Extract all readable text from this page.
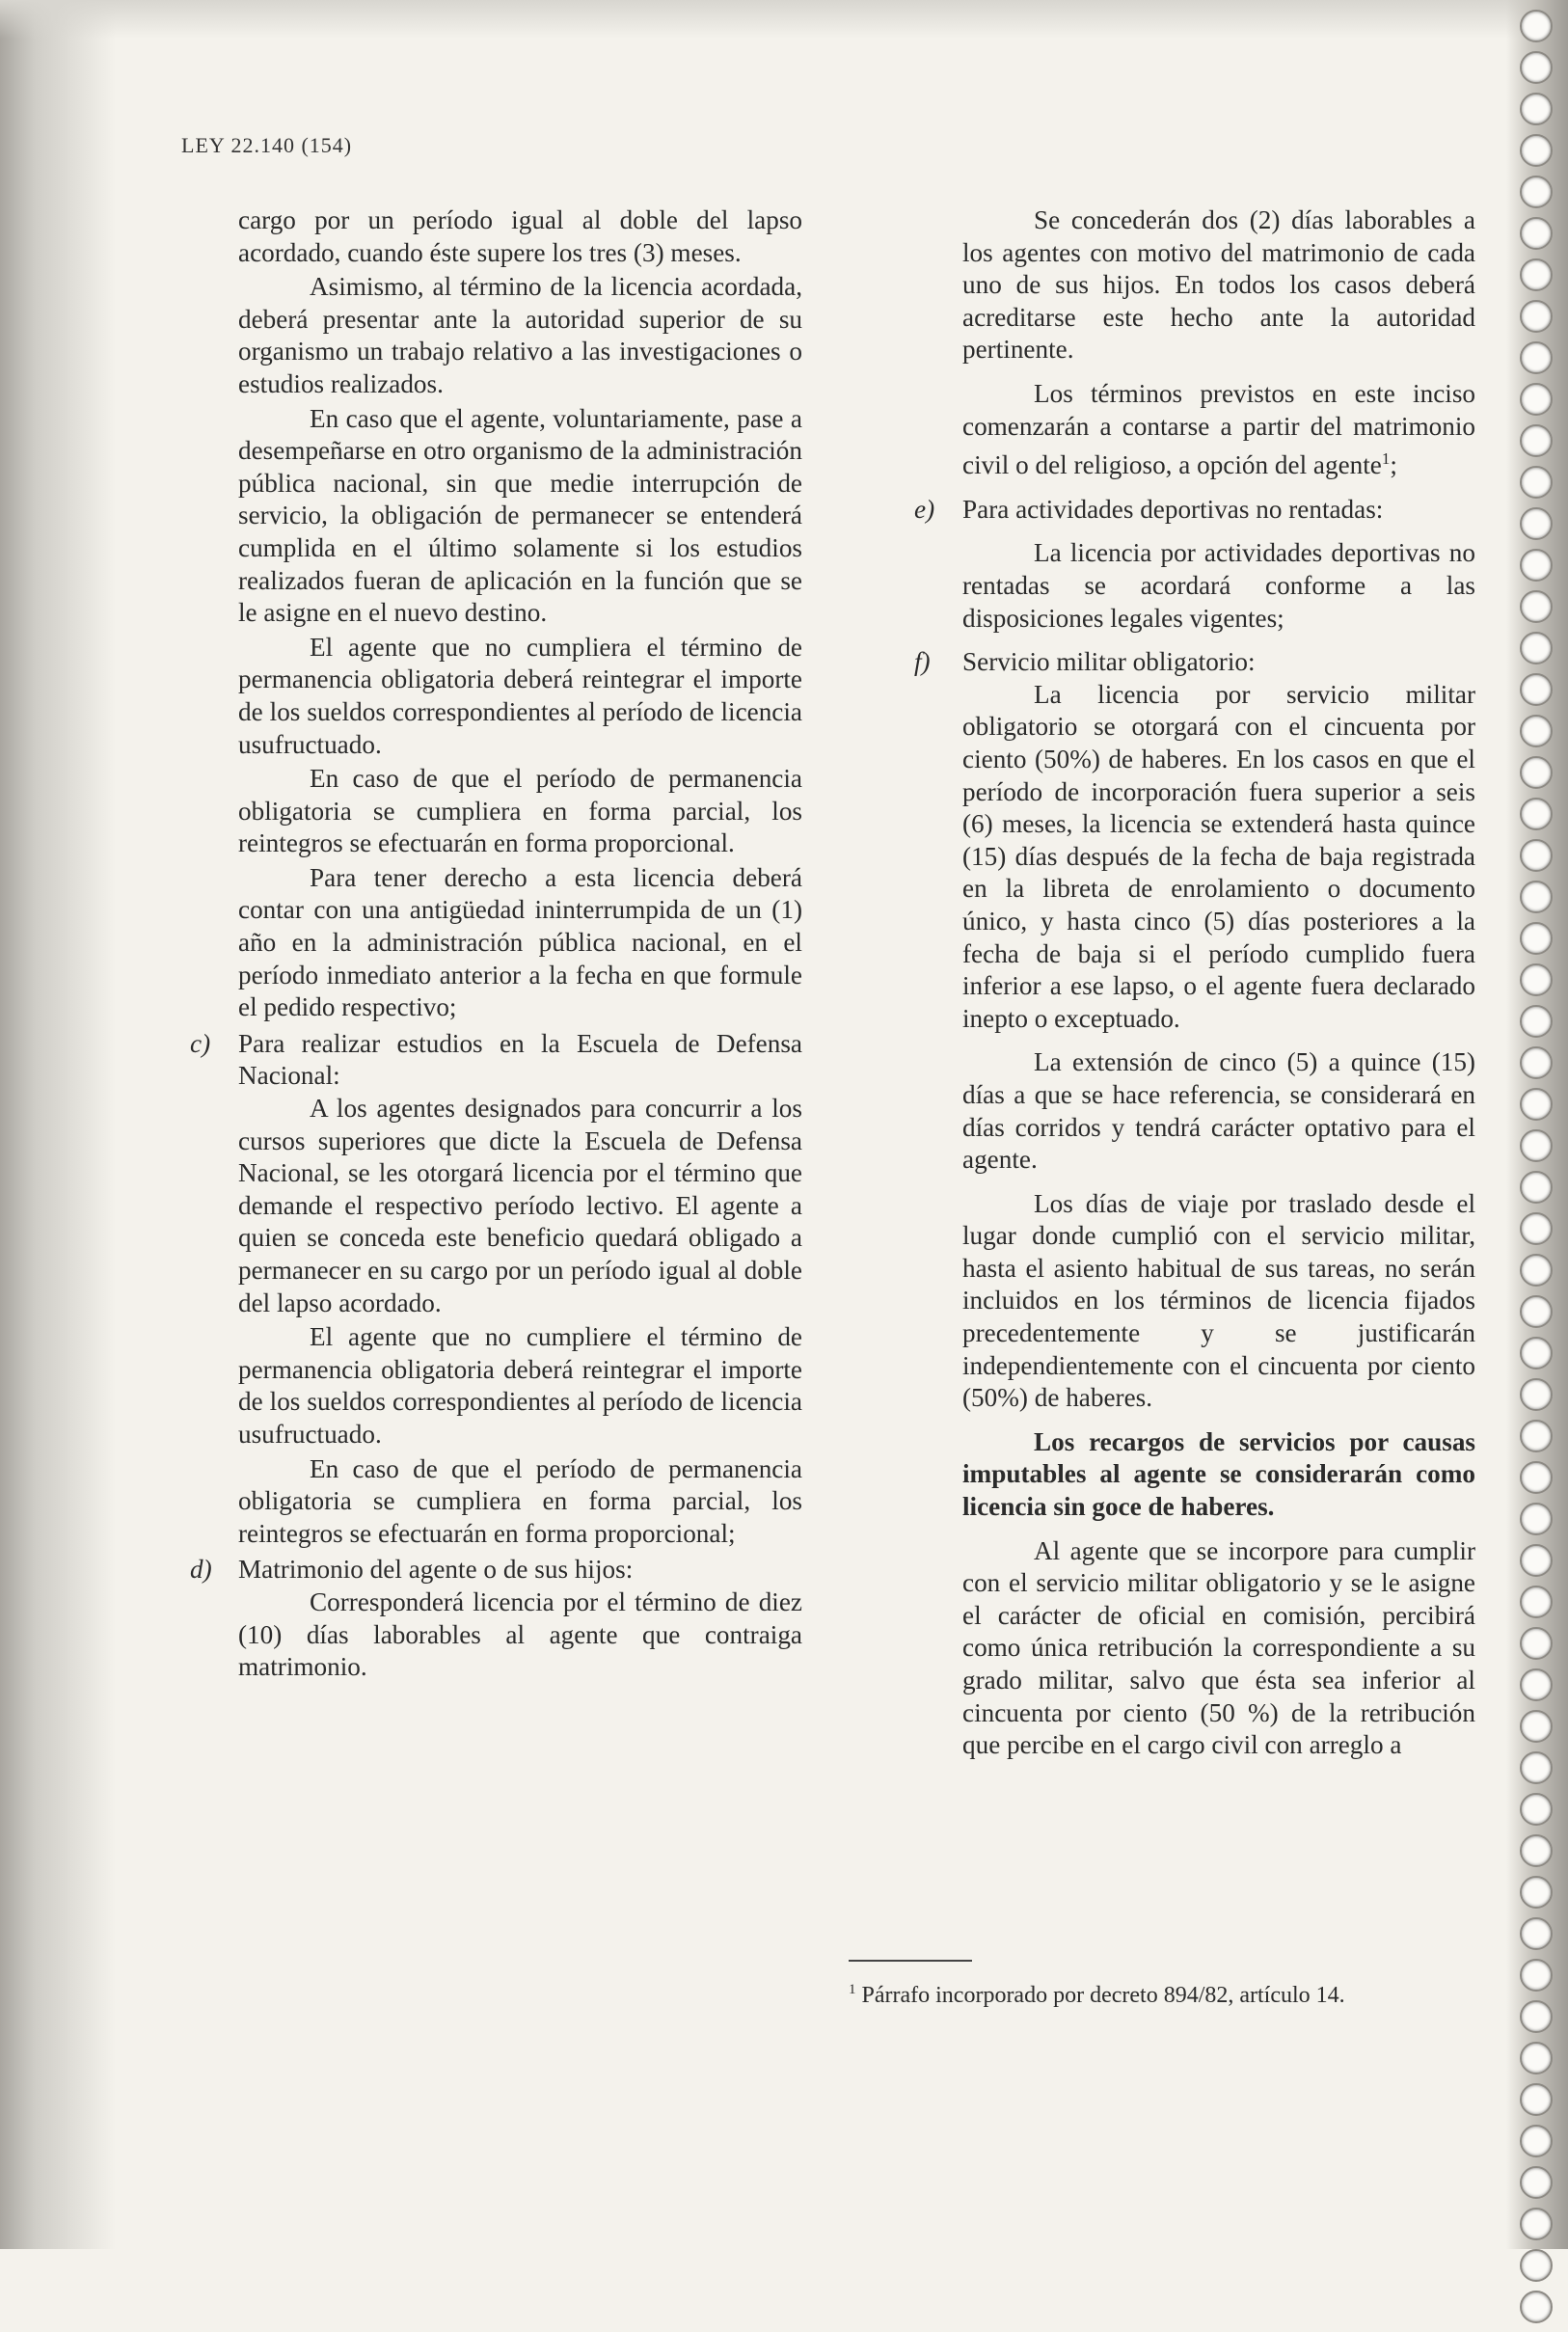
LEY 22.140 (154)

cargo por un período igual al doble del lapso acordado, cuando éste supere los tres (3) meses.

Asimismo, al término de la licencia acordada, deberá presentar ante la autoridad superior de su organismo un trabajo relativo a las investigaciones o estudios realizados.

En caso que el agente, voluntariamente, pase a desempeñarse en otro organismo de la administración pública nacional, sin que medie interrupción de servicio, la obligación de permanecer se entenderá cumplida en el último solamente si los estudios realizados fueran de aplicación en la función que se le asigne en el nuevo destino.

El agente que no cumpliera el término de permanencia obligatoria deberá reintegrar el importe de los sueldos correspondientes al período de licencia usufructuado.

En caso de que el período de permanencia obligatoria se cumpliera en forma parcial, los reintegros se efectuarán en forma proporcional.

Para tener derecho a esta licencia deberá contar con una antigüedad ininterrumpida de un (1) año en la administración pública nacional, en el período inmediato anterior a la fecha en que formule el pedido respectivo;

c) Para realizar estudios en la Escuela de Defensa Nacional:

A los agentes designados para concurrir a los cursos superiores que dicte la Escuela de Defensa Nacional, se les otorgará licencia por el término que demande el respectivo período lectivo. El agente a quien se conceda este beneficio quedará obligado a permanecer en su cargo por un período igual al doble del lapso acordado.

El agente que no cumpliere el término de permanencia obligatoria deberá reintegrar el importe de los sueldos correspondientes al período de licencia usufructuado.

En caso de que el período de permanencia obligatoria se cumpliera en forma parcial, los reintegros se efectuarán en forma proporcional;

d) Matrimonio del agente o de sus hijos:

Corresponderá licencia por el término de diez (10) días laborables al agente que contraiga matrimonio.

Se concederán dos (2) días laborables a los agentes con motivo del matrimonio de cada uno de sus hijos. En todos los casos deberá acreditarse este hecho ante la autoridad pertinente.

Los términos previstos en este inciso comenzarán a contarse a partir del matrimonio civil o del religioso, a opción del agente$^1$;

e) Para actividades deportivas no rentadas:

La licencia por actividades deportivas no rentadas se acordará conforme a las disposiciones legales vigentes;

f) Servicio militar obligatorio:

La licencia por servicio militar obligatorio se otorgará con el cincuenta por ciento (50%) de haberes. En los casos en que el período de incorporación fuera superior a seis (6) meses, la licencia se extenderá hasta quince (15) días después de la fecha de baja registrada en la libreta de enrolamiento o documento único, y hasta cinco (5) días posteriores a la fecha de baja si el período cumplido fuera inferior a ese lapso, o el agente fuera declarado inepto o exceptuado.

La extensión de cinco (5) a quince (15) días a que se hace referencia, se considerará en días corridos y tendrá carácter optativo para el agente.

Los días de viaje por traslado desde el lugar donde cumplió con el servicio militar, hasta el asiento habitual de sus tareas, no serán incluidos en los términos de licencia fijados precedentemente y se justificarán independientemente con el cincuenta por ciento (50%) de haberes.

Los recargos de servicios por causas imputables al agente se considerarán como licencia sin goce de haberes.

Al agente que se incorpore para cumplir con el servicio militar obligatorio y se le asigne el carácter de oficial en comisión, percibirá como única retribución la correspondiente a su grado militar, salvo que ésta sea inferior al cincuenta por ciento (50 %) de la retribución que percibe en el cargo civil con arreglo a

$^1$ Párrafo incorporado por decreto 894/82, artículo 14.
